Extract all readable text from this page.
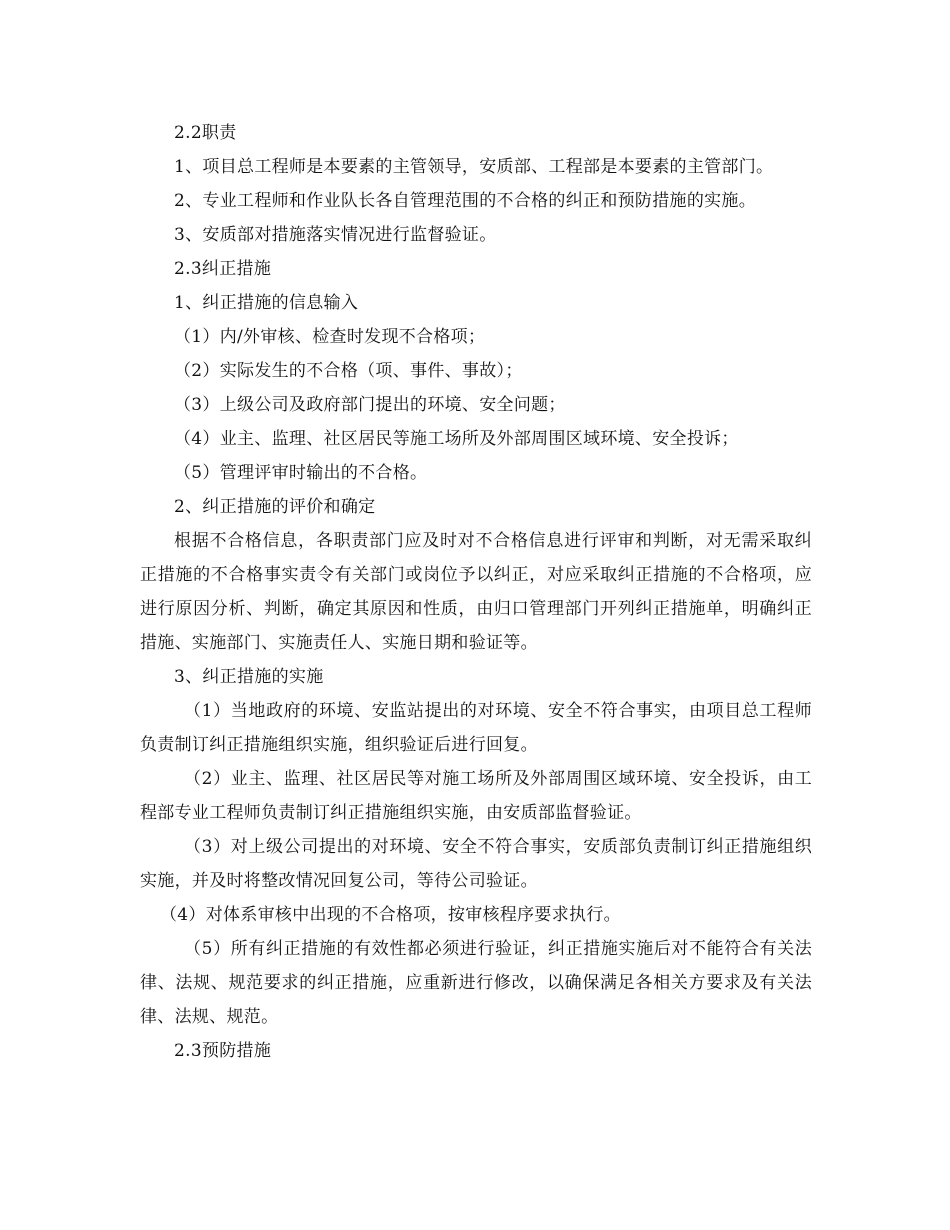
2.2职责

1、项目总工程师是本要素的主管领导，安质部、工程部是本要素的主管部门。

2、专业工程师和作业队长各自管理范围的不合格的纠正和预防措施的实施。

3、安质部对措施落实情况进行监督验证。

2.3纠正措施

1、纠正措施的信息输入

（1）内/外审核、检查时发现不合格项；

（2）实际发生的不合格（项、事件、事故）；

（3）上级公司及政府部门提出的环境、安全问题；

（4）业主、监理、社区居民等施工场所及外部周围区域环境、安全投诉；

（5）管理评审时输出的不合格。

2、纠正措施的评价和确定

根据不合格信息，各职责部门应及时对不合格信息进行评审和判断，对无需采取纠正措施的不合格事实责令有关部门或岗位予以纠正，对应采取纠正措施的不合格项，应进行原因分析、判断，确定其原因和性质，由归口管理部门开列纠正措施单，明确纠正措施、实施部门、实施责任人、实施日期和验证等。

3、纠正措施的实施

（1）当地政府的环境、安监站提出的对环境、安全不符合事实，由项目总工程师负责制订纠正措施组织实施，组织验证后进行回复。

（2）业主、监理、社区居民等对施工场所及外部周围区域环境、安全投诉，由工程部专业工程师负责制订纠正措施组织实施，由安质部监督验证。

（3）对上级公司提出的对环境、安全不符合事实，安质部负责制订纠正措施组织实施，并及时将整改情况回复公司，等待公司验证。

（4）对体系审核中出现的不合格项，按审核程序要求执行。

（5）所有纠正措施的有效性都必须进行验证，纠正措施实施后对不能符合有关法律、法规、规范要求的纠正措施，应重新进行修改，以确保满足各相关方要求及有关法律、法规、规范。

2.3预防措施
